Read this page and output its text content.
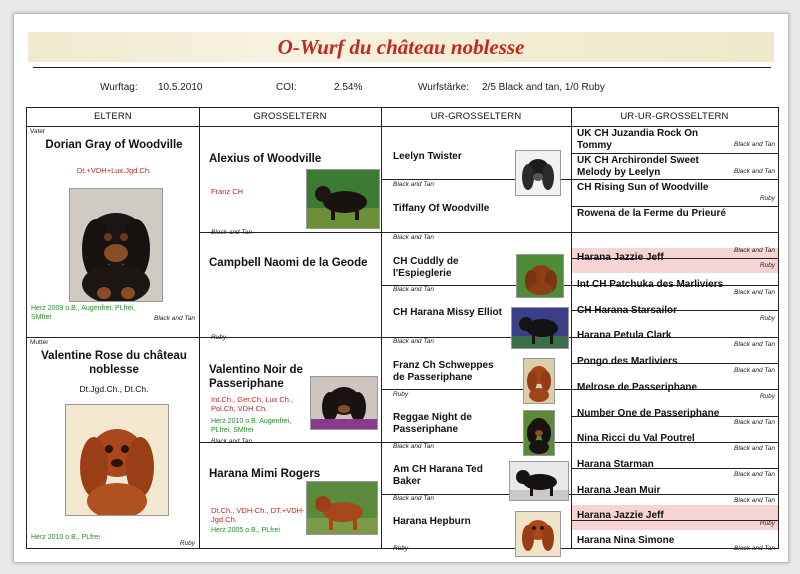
O-Wurf du château noblesse
Wurftag: 10.5.2010	COI:	2.54%	Wurfstärke: 2/5 Black and tan, 1/0 Ruby
ELTERN	GROSSELTERN	UR-GROSSELTERN	UR-UR-GROSSELTERN
Vater
Dorian Gray of Woodville
Dt.+VDH+Lux.Jgd.Ch.
Herz 2009 o.B., Augenfrei, PLfrei, SMfrei	Black and Tan
Mutter
Valentine Rose du château noblesse
Dt.Jgd.Ch., Dt.Ch.
Herz 2010 o.B., PLfrei
Ruby
Alexius of Woodville
Franz CH
Black and Tan
Campbell Naomi de la Geode
Ruby
Valentino Noir de Passeriphane
Int.Ch., Ger.Ch, Lux Ch., Pol.Ch, VDH Ch.
Herz 2010 o.B. Augenfrei, PLfrei, SMfrei
Black and Tan
Harana Mimi Rogers
Dt.Ch., VDH-Ch., DT.+VDH-Jgd.Ch.
Herz 2005 o.B., PLfrei
Leelyn Twister
Black and Tan
Tiffany Of Woodville
Black and Tan
CH Cuddly de l'Espieglerie
Black and Tan
CH Harana Missy Elliot
Black and Tan
Franz Ch Schweppes de Passeriphane
Ruby
Reggae Night de Passeriphane
Black and Tan
Am CH Harana Ted Baker
Black and Tan
Harana Hepburn
Ruby
UK CH Juzandia Rock On Tommy	Black and Tan
UK CH Archirondel Sweet Melody by Leelyn	Black and Tan
CH Rising Sun of Woodville
Ruby
Rowena de la Ferme du Prieuré
Black and Tan
Harana Jazzie Jeff
Ruby
Int CH Patchuka des Marliviers
Black and Tan
CH Harana Starsailor
Ruby
Harana Petula Clark
Black and Tan
Pongo des Marliviers
Black and Tan
Melrose de Passeriphane
Ruby
Number One de Passeriphane
Black and Tan
Nina Ricci du Val Poutrel
Black and Tan
Harana Starman
Black and Tan
Harana Jean Muir
Black and Tan
Harana Jazzie Jeff
Ruby
Harana Nina Simone
Black and Tan
